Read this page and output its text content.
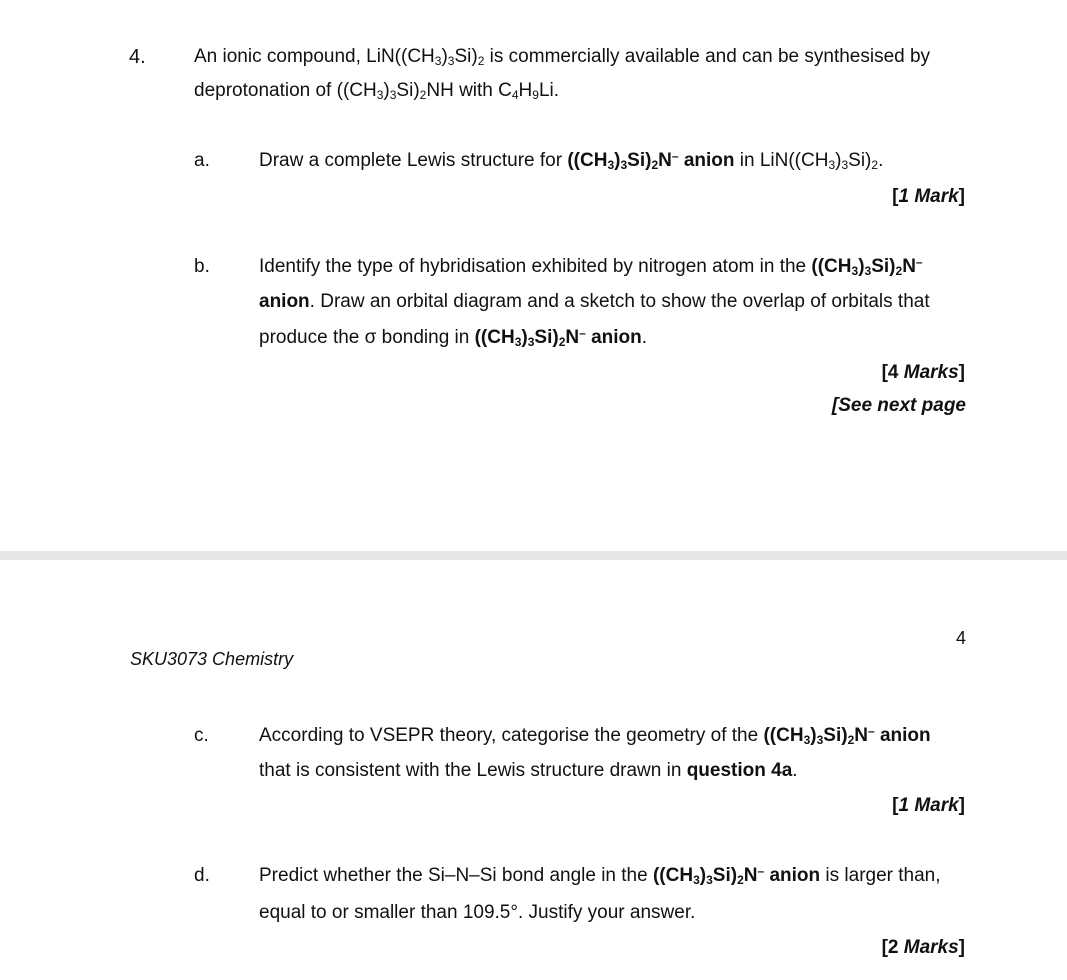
4.	An ionic compound, $LiN((CH_3)_3Si)_2$ is commercially available and can be synthesised by
deprotonation of $((CH_3)_3Si)_2NH$ with $C_4H_9Li$.
a.	Draw a complete Lewis structure for $((CH_3)_3Si)_2N^-$ anion in $LiN((CH_3)_3Si)_2$.
[1 Mark]
b.	Identify the type of hybridisation exhibited by nitrogen atom in the $((CH_3)_3Si)_2N^-$
anion. Draw an orbital diagram and a sketch to show the overlap of orbitals that
produce the σ bonding in $((CH_3)_3Si)_2N^-$ anion.
[4 Marks]
[See next page
4
SKU3073 Chemistry
c.	According to VSEPR theory, categorise the geometry of the $((CH_3)_3Si)_2N^-$ anion
that is consistent with the Lewis structure drawn in question 4a.
[1 Mark]
d.	Predict whether the Si–N–Si bond angle in the $((CH_3)_3Si)_2N^-$ anion is larger than,
equal to or smaller than 109.5°. Justify your answer.
[2 Marks]
